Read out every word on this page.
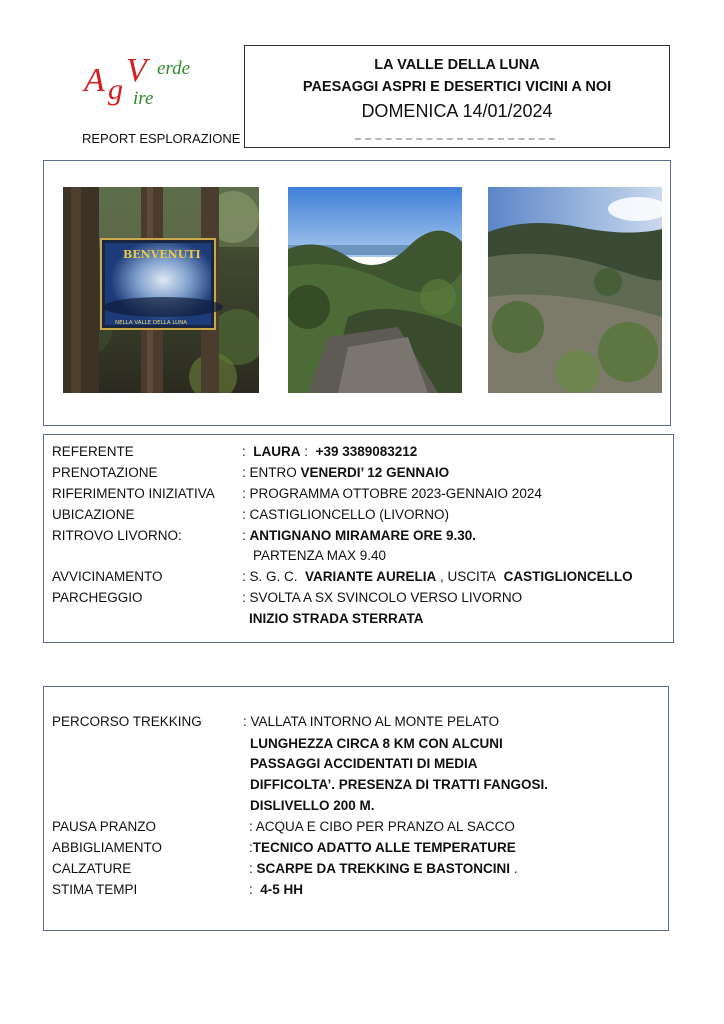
A g
V erde
ire
REPORT ESPLORAZIONE
LA VALLE DELLA LUNA
PAESAGGI ASPRI E DESERTICI VICINI A NOI
DOMENICA 14/01/2024
BENVENUTI
NELLA VALLE DELLA LUNA
REFERENTE	: LAURA : +39 3389083212
PRENOTAZIONE	: ENTRO VENERDI’ 12 GENNAIO
RIFERIMENTO INIZIATIVA : PROGRAMMA OTTOBRE 2023-GENNAIO 2024
UBICAZIONE	: CASTIGLIONCELLO (LIVORNO)
RITROVO LIVORNO:	: ANTIGNANO MIRAMARE ORE 9.30.
PARTENZA MAX 9.40
AVVICINAMENTO	: S. G. C. VARIANTE AURELIA , USCITA CASTIGLIONCELLO
PARCHEGGIO	: SVOLTA A SX SVINCOLO VERSO LIVORNO
INIZIO STRADA STERRATA
PERCORSO TREKKING	: VALLATA INTORNO AL MONTE PELATO
LUNGHEZZA CIRCA 8 KM CON ALCUNI
PASSAGGI ACCIDENTATI DI MEDIA
DIFFICOLTA’. PRESENZA DI TRATTI FANGOSI.
DISLIVELLO 200 M.
PAUSA PRANZO	: ACQUA E CIBO PER PRANZO AL SACCO
ABBIGLIAMENTO	:TECNICO ADATTO ALLE TEMPERATURE
CALZATURE	: SCARPE DA TREKKING E BASTONCINI .
STIMA TEMPI	: 4-5 HH
